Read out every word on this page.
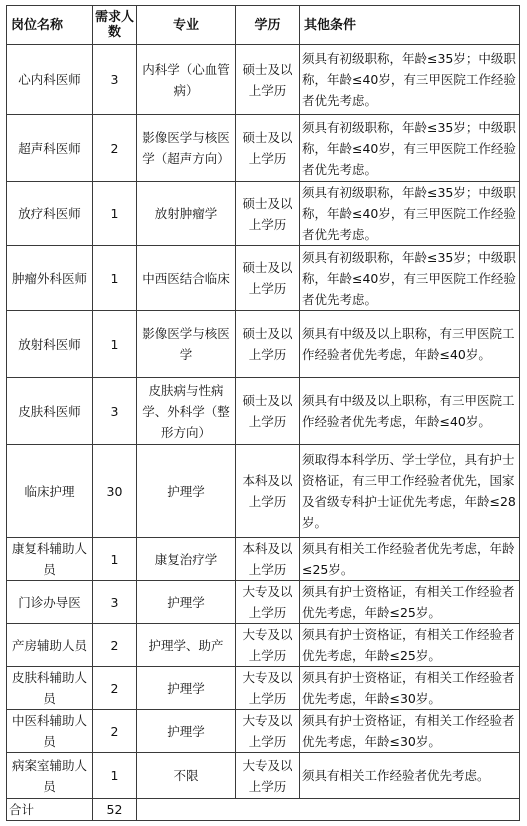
岗位名称	需求人数	专业	学历	其他条件
心内科医师	3	内科学（心血管病）	硕士及以上学历	须具有初级职称，年龄≤35岁；中级职称，年龄≤40岁，有三甲医院工作经验者优先考虑。
超声科医师	2	影像医学与核医学（超声方向）	硕士及以上学历	须具有初级职称，年龄≤35岁；中级职称，年龄≤40岁，有三甲医院工作经验者优先考虑。
放疗科医师	1	放射肿瘤学	硕士及以上学历	须具有初级职称，年龄≤35岁；中级职称，年龄≤40岁，有三甲医院工作经验者优先考虑。
肿瘤外科医师	1	中西医结合临床	硕士及以上学历	须具有初级职称，年龄≤35岁；中级职称，年龄≤40岁，有三甲医院工作经验者优先考虑。
放射科医师	1	影像医学与核医学	硕士及以上学历	须具有中级及以上职称，有三甲医院工作经验者优先考虑，年龄≤40岁。
皮肤科医师	3	皮肤病与性病学、外科学（整形方向）	硕士及以上学历	须具有中级及以上职称，有三甲医院工作经验者优先考虑，年龄≤40岁。
临床护理	30	护理学	本科及以上学历	须取得本科学历、学士学位，具有护士资格证，有三甲工作经验者优先，国家及省级专科护士证优先考虑，年龄≤28岁。
康复科辅助人员	1	康复治疗学	本科及以上学历	须具有相关工作经验者优先考虑，年龄≤25岁。
门诊办导医	3	护理学	大专及以上学历	须具有护士资格证，有相关工作经验者优先考虑，年龄≤25岁。
产房辅助人员	2	护理学、助产	大专及以上学历	须具有护士资格证，有相关工作经验者优先考虑，年龄≤25岁。
皮肤科辅助人员	2	护理学	大专及以上学历	须具有护士资格证，有相关工作经验者优先考虑，年龄≤30岁。
中医科辅助人员	2	护理学	大专及以上学历	须具有护士资格证，有相关工作经验者优先考虑，年龄≤30岁。
病案室辅助人员	1	不限	大专及以上学历	须具有相关工作经验者优先考虑。
合计	52			
